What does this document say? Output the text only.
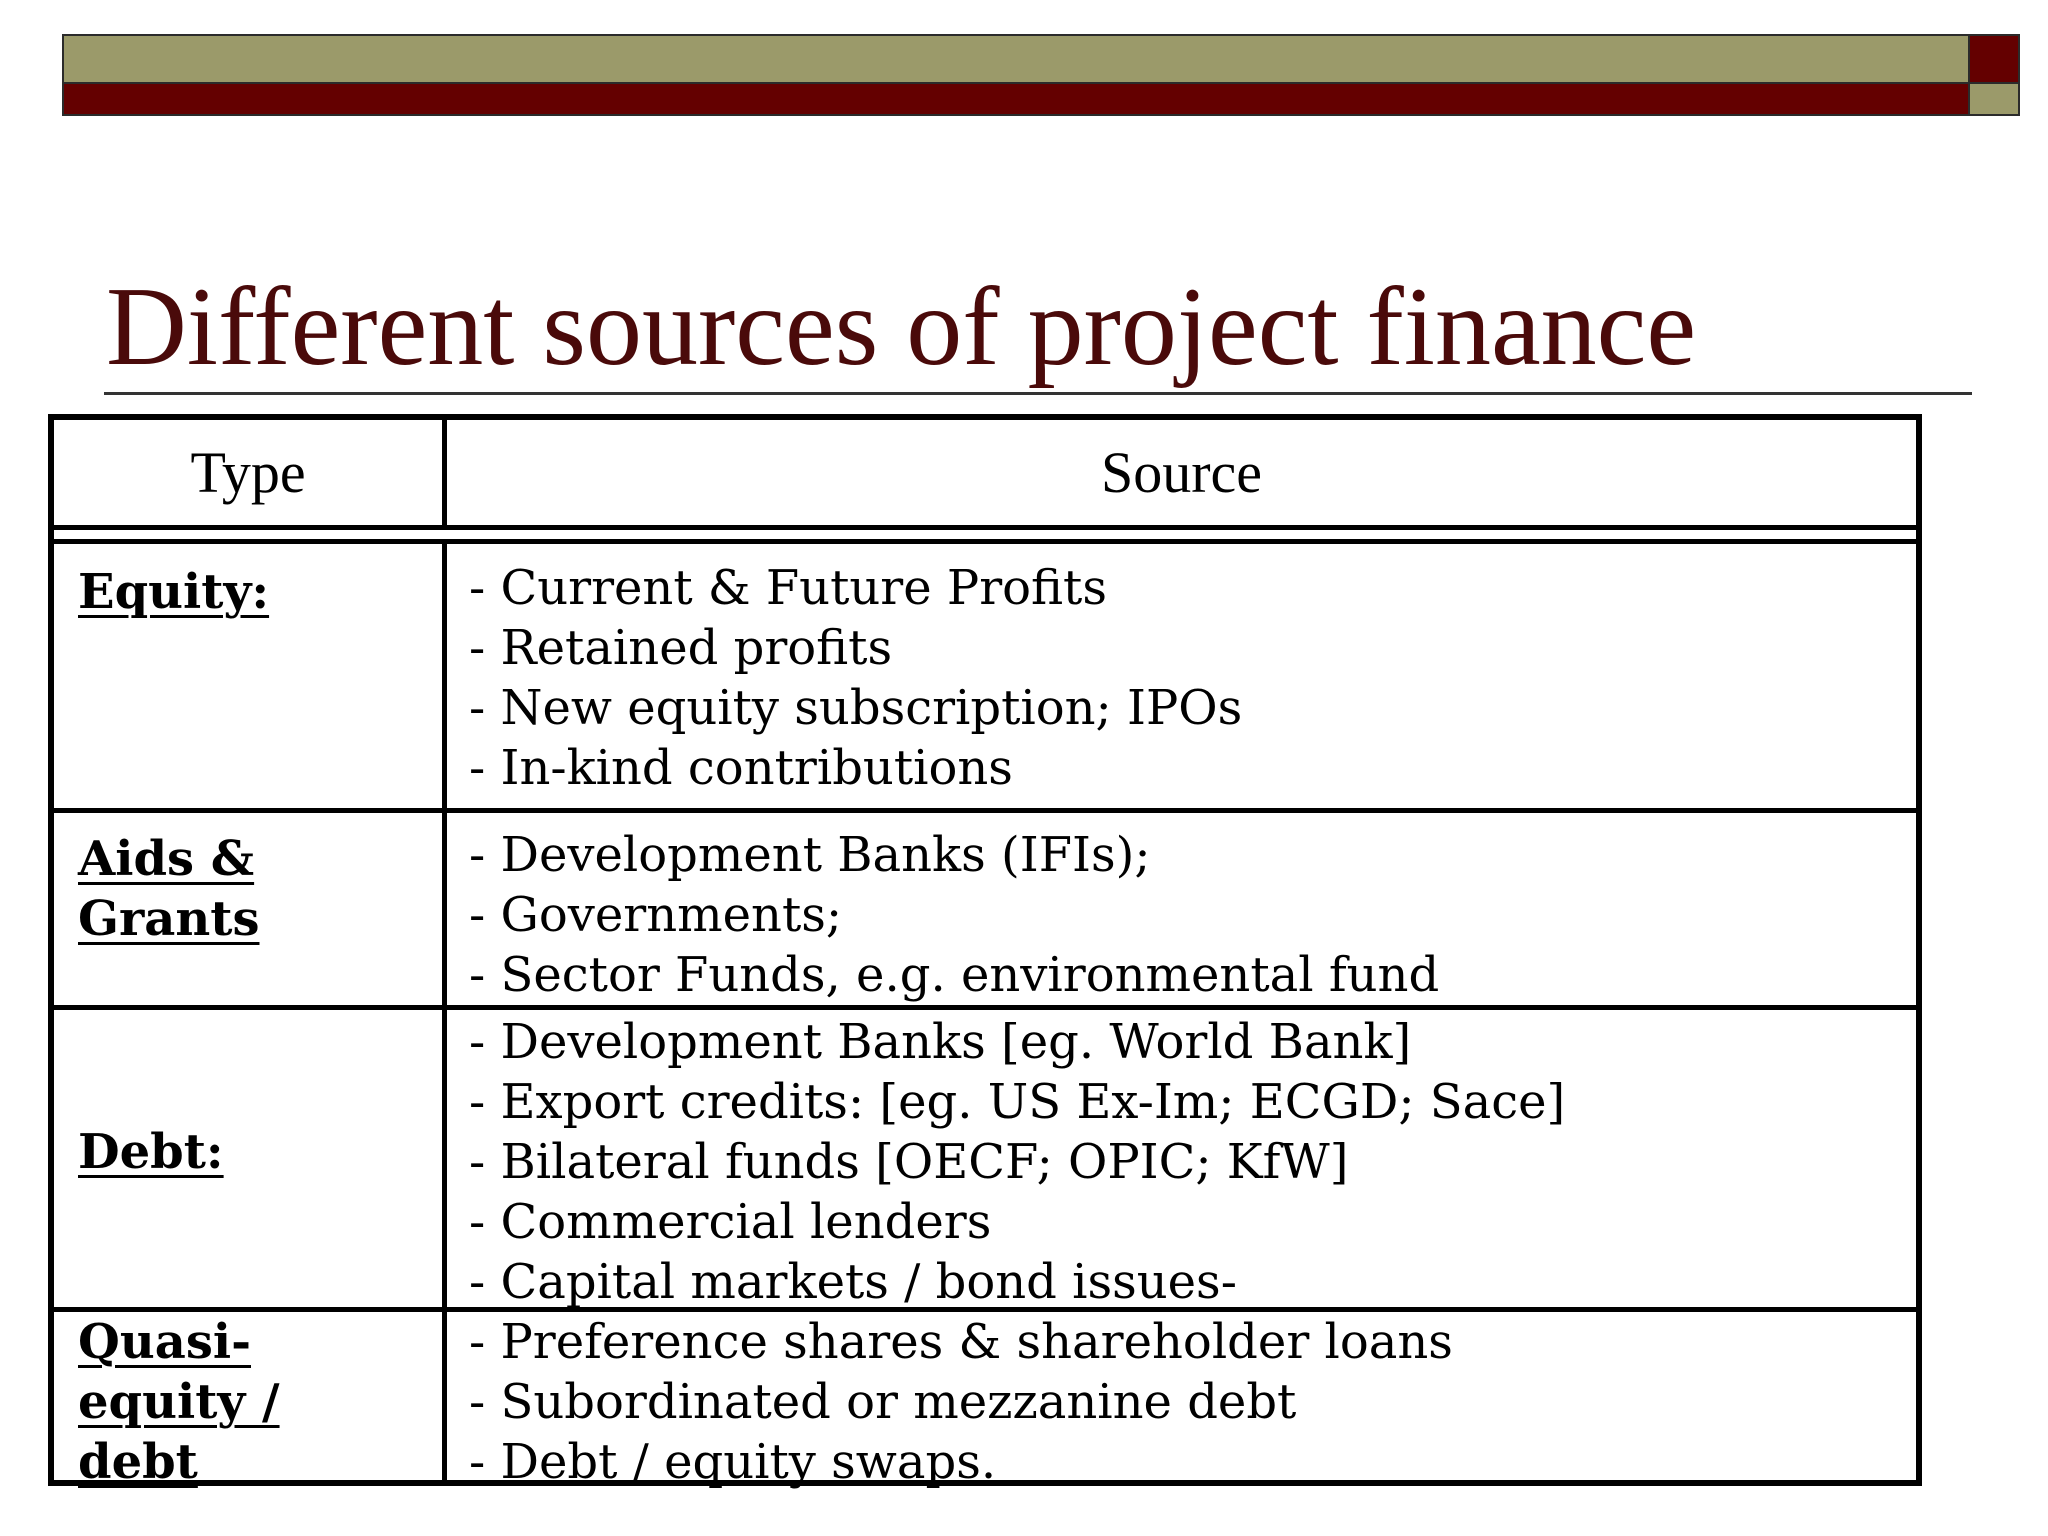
Different sources of project finance
Type	Source

Equity:	- Current & Future Profits
- Retained profits
- New equity subscription; IPOs
- In-kind contributions

Aids &
Grants

- Development Banks (IFIs);
- Governments;
- Sector Funds, e.g. environmental fund

Debt:

- Development Banks [eg. World Bank]
- Export credits: [eg. US Ex-Im; ECGD; Sace]
- Bilateral funds [OECF; OPIC; KfW]
- Commercial lenders
- Capital markets / bond issues-

Quasi-
equity /
debt

- Preference shares & shareholder loans
- Subordinated or mezzanine debt
- Debt / equity swaps.
